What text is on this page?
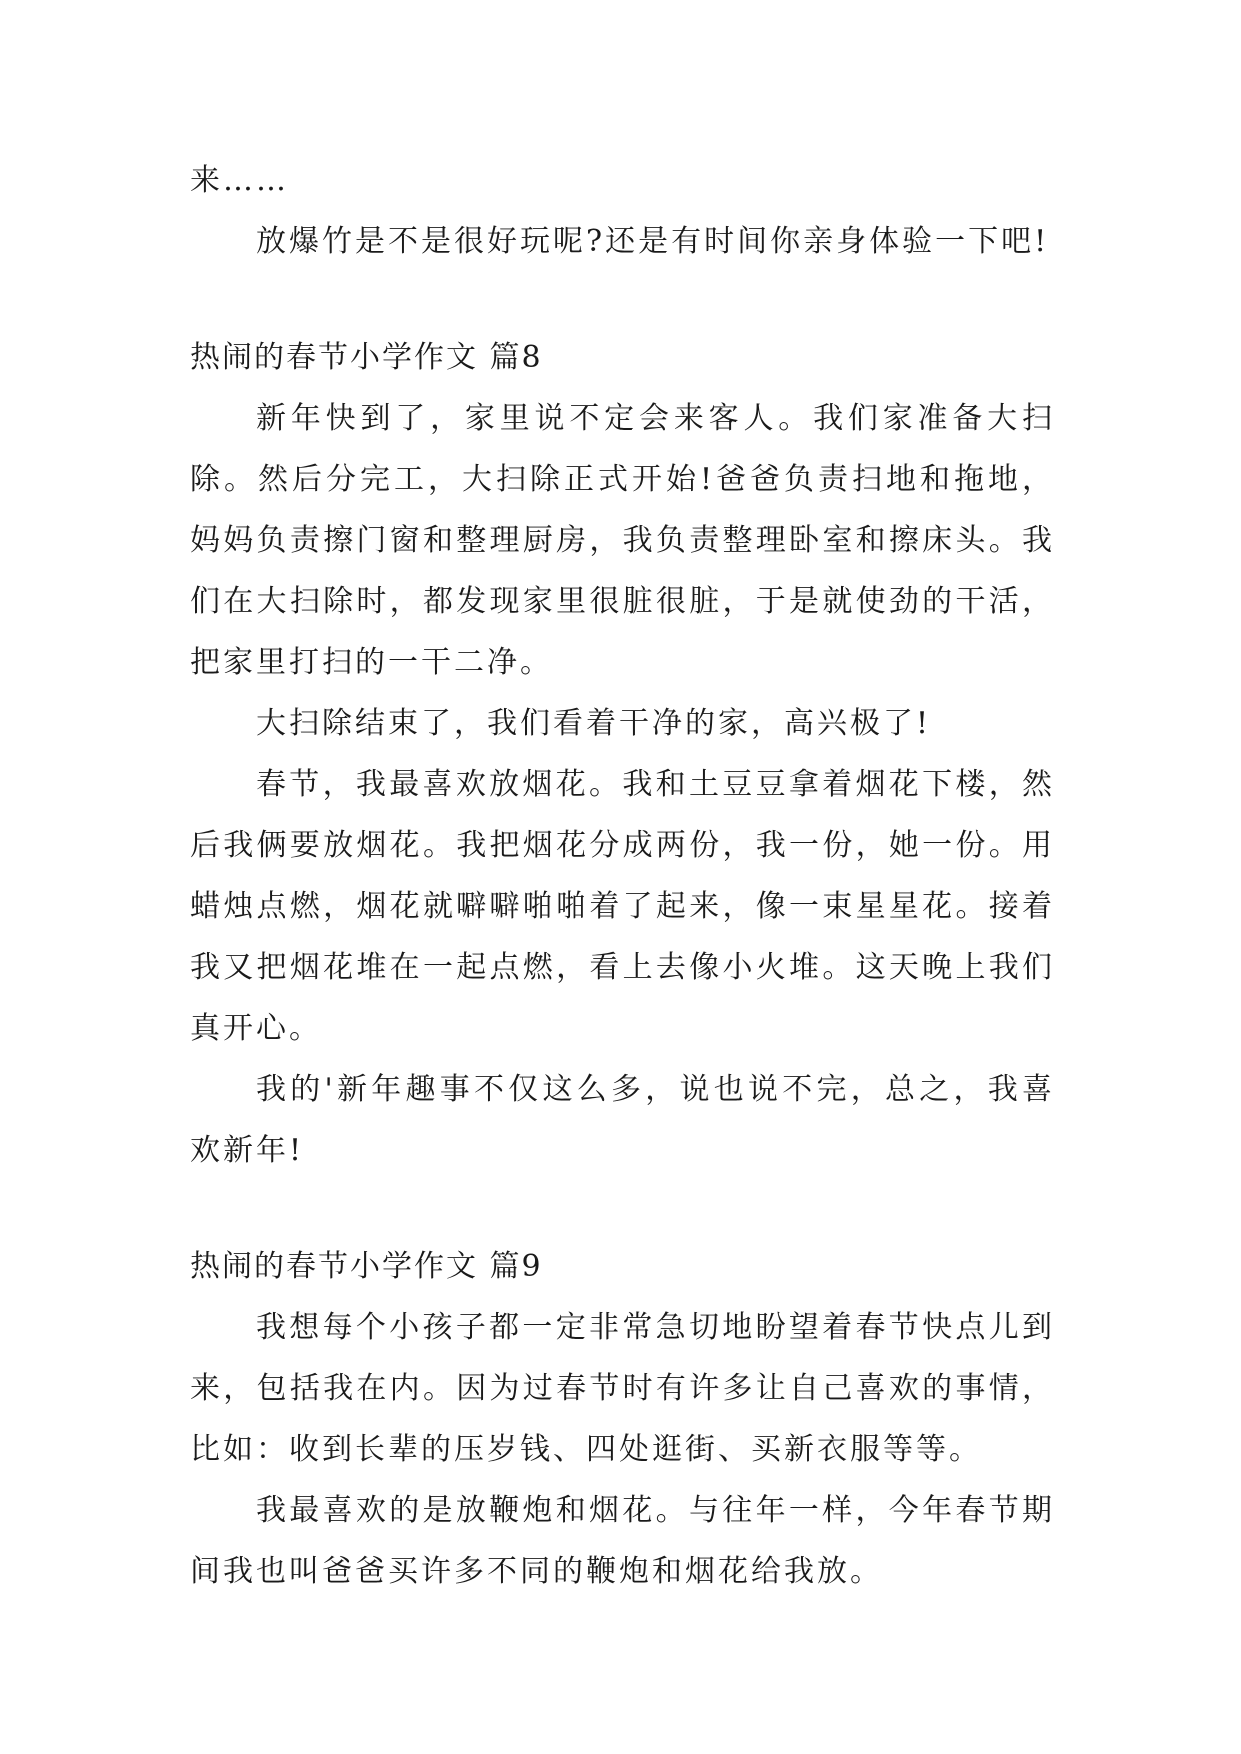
来……

放爆竹是不是很好玩呢?还是有时间你亲身体验一下吧!

热闹的春节小学作文 篇8

新年快到了，家里说不定会来客人。我们家准备大扫除。然后分完工，大扫除正式开始!爸爸负责扫地和拖地，妈妈负责擦门窗和整理厨房，我负责整理卧室和擦床头。我们在大扫除时，都发现家里很脏很脏，于是就使劲的干活，把家里打扫的一干二净。

大扫除结束了，我们看着干净的家，高兴极了!

春节，我最喜欢放烟花。我和土豆豆拿着烟花下楼，然后我俩要放烟花。我把烟花分成两份，我一份，她一份。用蜡烛点燃，烟花就噼噼啪啪着了起来，像一束星星花。接着我又把烟花堆在一起点燃，看上去像小火堆。这天晚上我们真开心。

我的'新年趣事不仅这么多，说也说不完，总之，我喜欢新年!

热闹的春节小学作文 篇9

我想每个小孩子都一定非常急切地盼望着春节快点儿到来，包括我在内。因为过春节时有许多让自己喜欢的事情，比如：收到长辈的压岁钱、四处逛街、买新衣服等等。

我最喜欢的是放鞭炮和烟花。与往年一样，今年春节期间我也叫爸爸买许多不同的鞭炮和烟花给我放。
